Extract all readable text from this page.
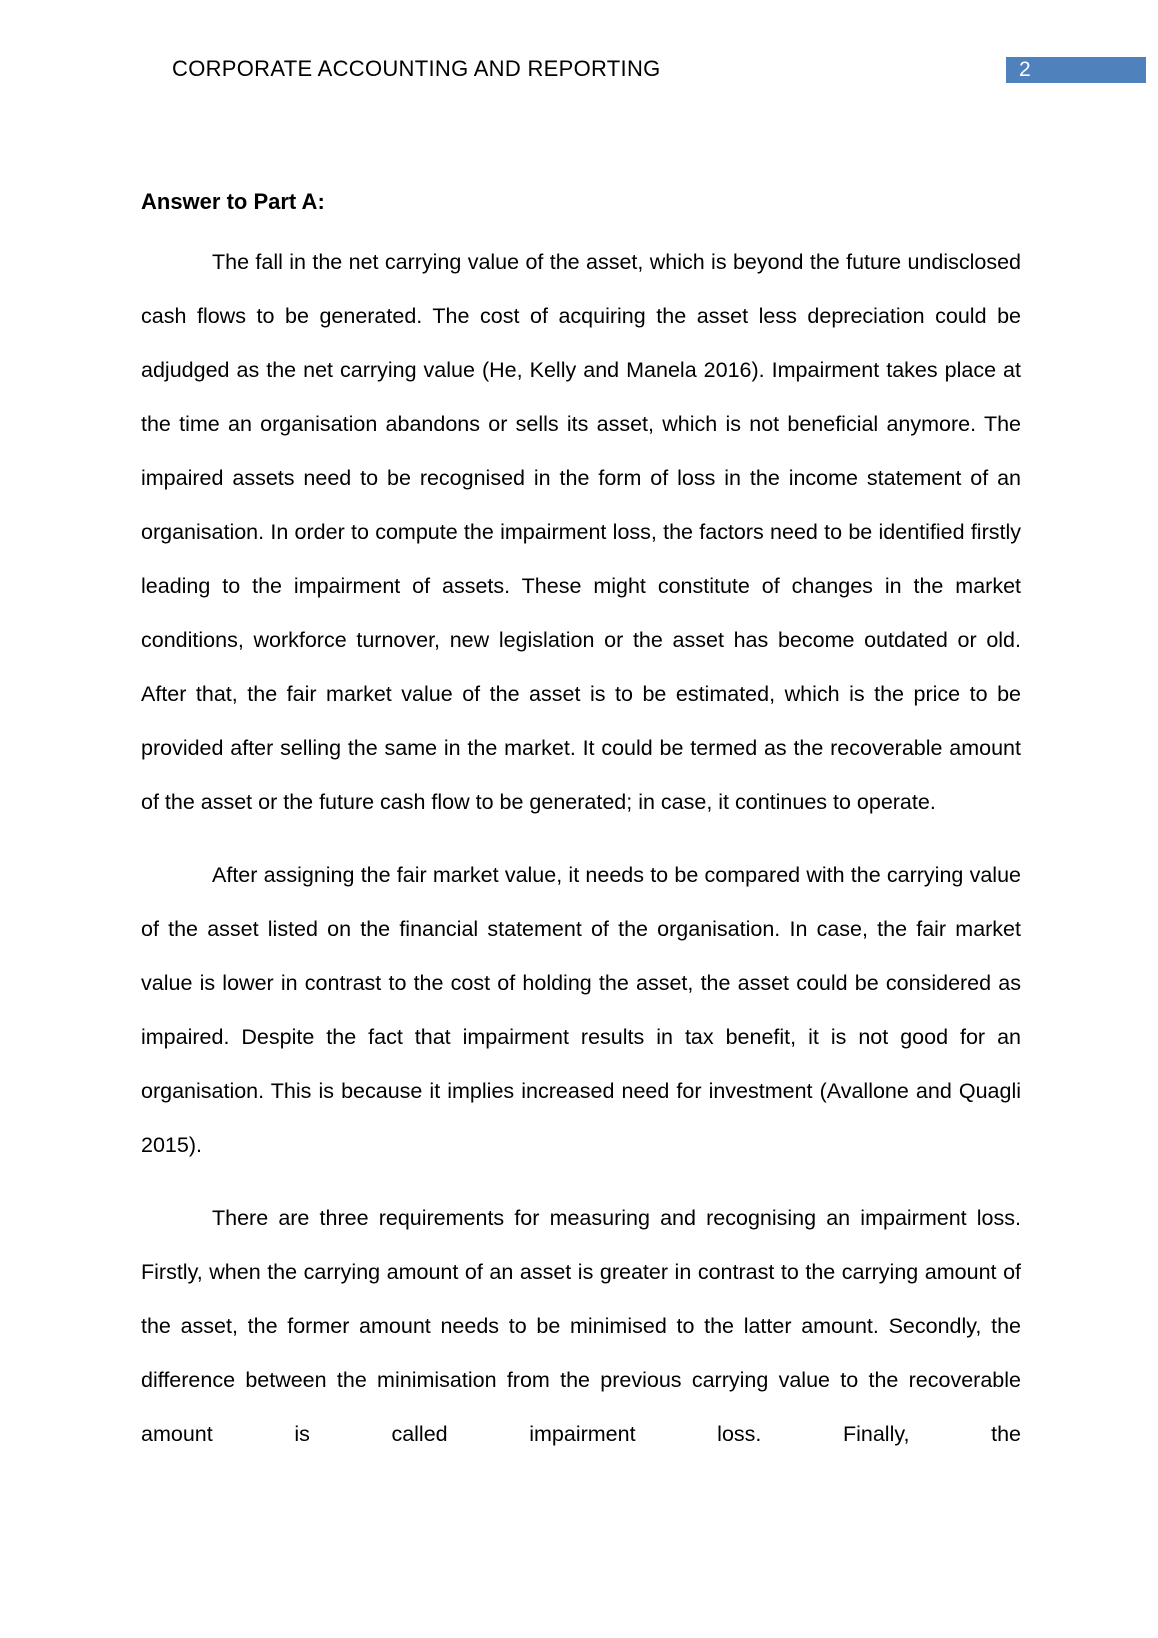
CORPORATE ACCOUNTING AND REPORTING	2
Answer to Part A:

The fall in the net carrying value of the asset, which is beyond the future undisclosed cash flows to be generated. The cost of acquiring the asset less depreciation could be adjudged as the net carrying value (He, Kelly and Manela 2016). Impairment takes place at the time an organisation abandons or sells its asset, which is not beneficial anymore. The impaired assets need to be recognised in the form of loss in the income statement of an organisation. In order to compute the impairment loss, the factors need to be identified firstly leading to the impairment of assets. These might constitute of changes in the market conditions, workforce turnover, new legislation or the asset has become outdated or old. After that, the fair market value of the asset is to be estimated, which is the price to be provided after selling the same in the market. It could be termed as the recoverable amount of the asset or the future cash flow to be generated; in case, it continues to operate.

After assigning the fair market value, it needs to be compared with the carrying value of the asset listed on the financial statement of the organisation. In case, the fair market value is lower in contrast to the cost of holding the asset, the asset could be considered as impaired. Despite the fact that impairment results in tax benefit, it is not good for an organisation. This is because it implies increased need for investment (Avallone and Quagli 2015).

There are three requirements for measuring and recognising an impairment loss. Firstly, when the carrying amount of an asset is greater in contrast to the carrying amount of the asset, the former amount needs to be minimised to the latter amount. Secondly, the difference between the minimisation from the previous carrying value to the recoverable amount is called impairment loss. Finally, the
